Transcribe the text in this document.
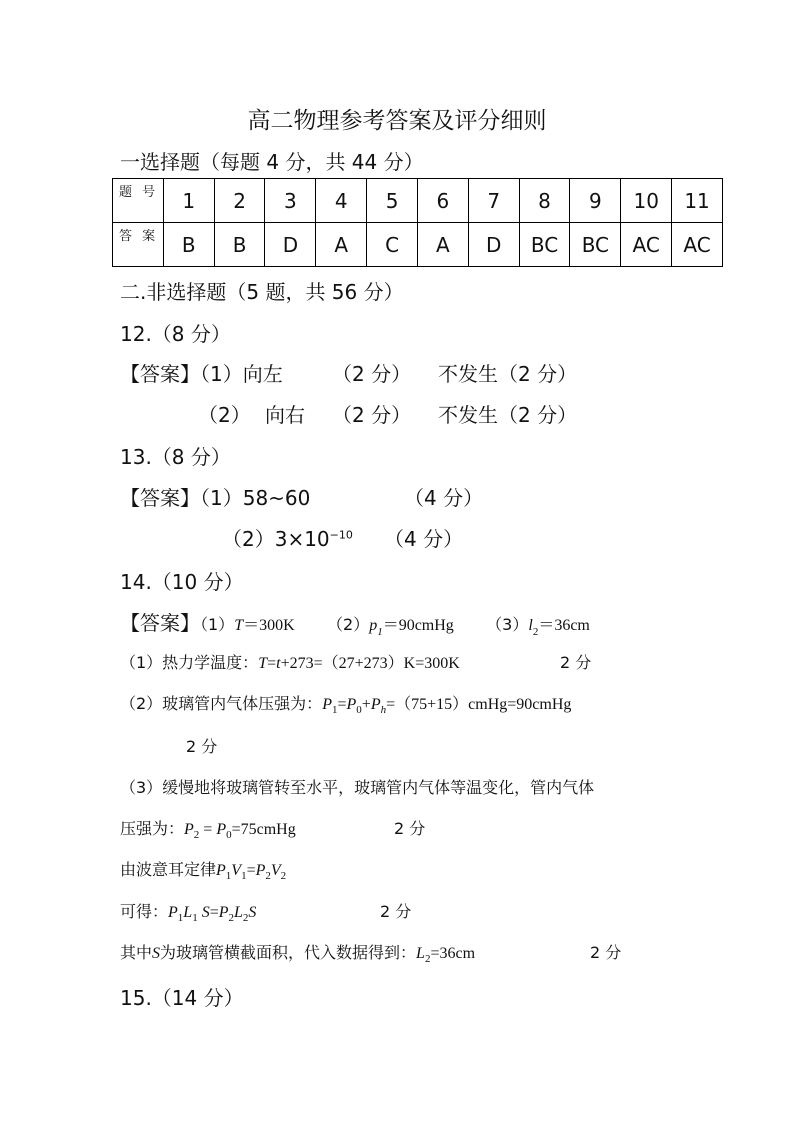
高二物理参考答案及评分细则
一选择题（每题 4 分，共 44 分）
题 号	1	2	3	4	5	6	7	8	9	10	11
答 案	B	B	D	A	C	A	D	BC	BC	AC	AC
二.非选择题（5 题，共 56 分）
12.（8 分）
【答案】（1）向左 （2 分） 不发生（2 分）
（2） 向右 （2 分） 不发生（2 分）
13.（8 分）
【答案】（1）58~60	（4 分）
$(2)3\times 10^{-10}$ （4 分）
14.（10 分）
【答案】（1）T＝300K $(2)p_1=90cmHg$ $(3)l_2=36cm$
（1）热力学温度：T=t+273=（27+273）K=300K	2 分
（2）玻璃管内气体压强为：$P_1=P_0+P_h=(75+15)cmHg=90cmHg$
2 分
（3）缓慢地将玻璃管转至水平，玻璃管内气体等温变化，管内气体
压强为：$P_2$ = $P_0=75cmHg$	2 分
由波意耳定律$P_1V_1=P_2V_2$
可得：$P_1L_1$ $S=P_2L_2S$	2 分
其中S为玻璃管横截面积，代入数据得到：$L_2=36cm$	2 分
15.（14 分）
